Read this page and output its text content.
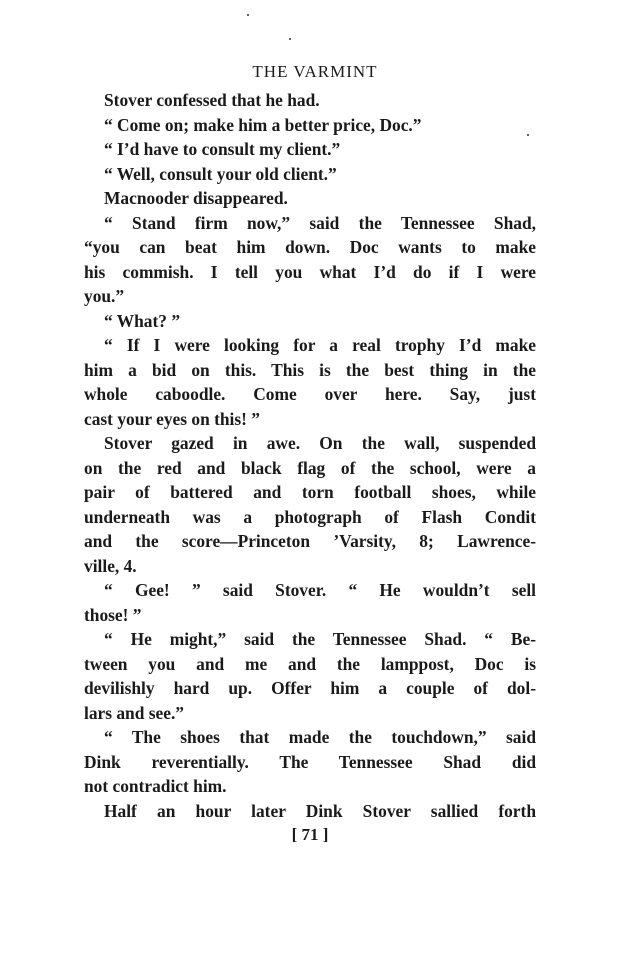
THE VARMINT
Stover confessed that he had.
“ Come on; make him a better price, Doc.”
“ I’d have to consult my client.”
“ Well, consult your old client.”
Macnooder disappeared.
“ Stand firm now,” said the Tennessee Shad,
“you can beat him down. Doc wants to make
his commish. I tell you what I’d do if I were
you.”
“ What? ”
“ If I were looking for a real trophy I’d make
him a bid on this. This is the best thing in the
whole caboodle. Come over here. Say, just
cast your eyes on this! ”
Stover gazed in awe. On the wall, suspended
on the red and black flag of the school, were a
pair of battered and torn football shoes, while
underneath was a photograph of Flash Condit
and the score—Princeton ’Varsity, 8; Lawrence-
ville, 4.
“ Gee! ” said Stover. “ He wouldn’t sell
those! ”
“ He might,” said the Tennessee Shad. “ Be-
tween you and me and the lamppost, Doc is
devilishly hard up. Offer him a couple of dol-
lars and see.”
“ The shoes that made the touchdown,” said
Dink reverentially. The Tennessee Shad did
not contradict him.
Half an hour later Dink Stover sallied forth
[ 71 ]
